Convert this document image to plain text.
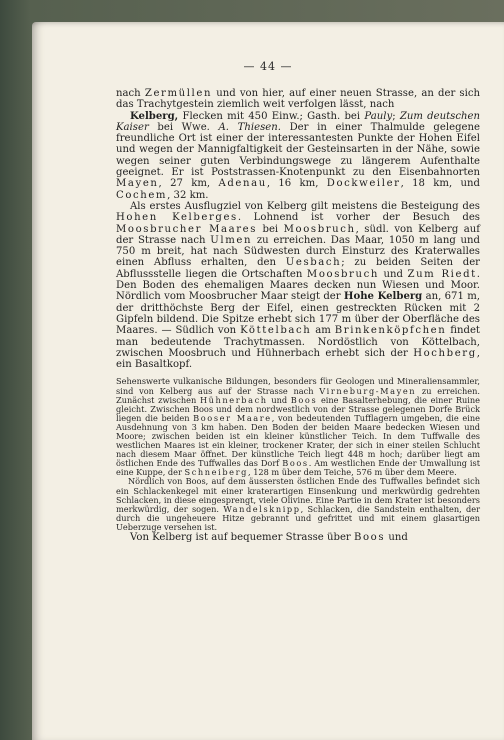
— 44 —

nach Zermüllen und von hier, auf einer neuen Strasse, an der sich das Trachytgestein ziemlich weit verfolgen lässt, nach

Kelberg, Flecken mit 450 Einw.; Gasth. bei Pauly; Zum deutschen Kaiser bei Wwe. A. Thiesen. Der in einer Thalmulde gelegene freundliche Ort ist einer der interessantesten Punkte der Hohen Eifel und wegen der Mannigfaltigkeit der Gesteinsarten in der Nähe, sowie wegen seiner guten Verbindungswege zu längerem Aufenthalte geeignet. Er ist Poststrassen-Knotenpunkt zu den Eisenbahnorten Mayen, 27 km, Adenau, 16 km, Dockweiler, 18 km, und Cochem, 32 km.

Als erstes Ausflugziel von Kelberg gilt meistens die Besteigung des Hohen Kelberges. Lohnend ist vorher der Besuch des Moosbrucher Maares bei Moosbruch, südl. von Kelberg auf der Strasse nach Ulmen zu erreichen. Das Maar, 1050 m lang und 750 m breit, hat nach Südwesten durch Einsturz des Kraterwalles einen Abfluss erhalten, den Uesbach; zu beiden Seiten der Abflussstelle liegen die Ortschaften Moosbruch und Zum Riedt. Den Boden des ehemaligen Maares decken nun Wiesen und Moor. Nördlich vom Moosbrucher Maar steigt der Hohe Kelberg an, 671 m, der dritthöchste Berg der Eifel, einen gestreckten Rücken mit 2 Gipfeln bildend. Die Spitze erhebt sich 177 m über der Oberfläche des Maares. — Südlich von Köttelbach am Brinkenköpfchen findet man bedeutende Trachytmassen. Nordöstlich von Köttelbach, zwischen Moosbruch und Hühnerbach erhebt sich der Hochberg, ein Basaltkopf.

Sehenswerte vulkanische Bildungen, besonders für Geologen und Mineraliensammler, sind von Kelberg aus auf der Strasse nach Virneburg-Mayen zu erreichen. Zunächst zwischen Hühnerbach und Boos eine Basalterhebung, die einer Ruine gleicht. Zwischen Boos und dem nordwestlich von der Strasse gelegenen Dorfe Brück liegen die beiden Booser Maare, von bedeutenden Tufflagern umgeben, die eine Ausdehnung von 3 km haben. Den Boden der beiden Maare bedecken Wiesen und Moore; zwischen beiden ist ein kleiner künstlicher Teich. In dem Tuffwalle des westlichen Maares ist ein kleiner, trockener Krater, der sich in einer steilen Schlucht nach diesem Maar öffnet. Der künstliche Teich liegt 448 m hoch; darüber liegt am östlichen Ende des Tuffwalles das Dorf Boos. Am westlichen Ende der Umwallung ist eine Kuppe, der Schneiberg, 128 m über dem Teiche, 576 m über dem Meere.

Nördlich von Boos, auf dem äussersten östlichen Ende des Tuffwalles befindet sich ein Schlackenkegel mit einer kraterartigen Einsenkung und merkwürdig gedrehten Schlacken, in diese eingesprengt, viele Olivine. Eine Partie in dem Krater ist besonders merkwürdig, der sogen. Wandelsknipp, Schlacken, die Sandstein enthalten, der durch die ungeheuere Hitze gebrannt und gefrittet und mit einem glasartigen Ueberzuge versehen ist.

Von Kelberg ist auf bequemer Strasse über Boos und
